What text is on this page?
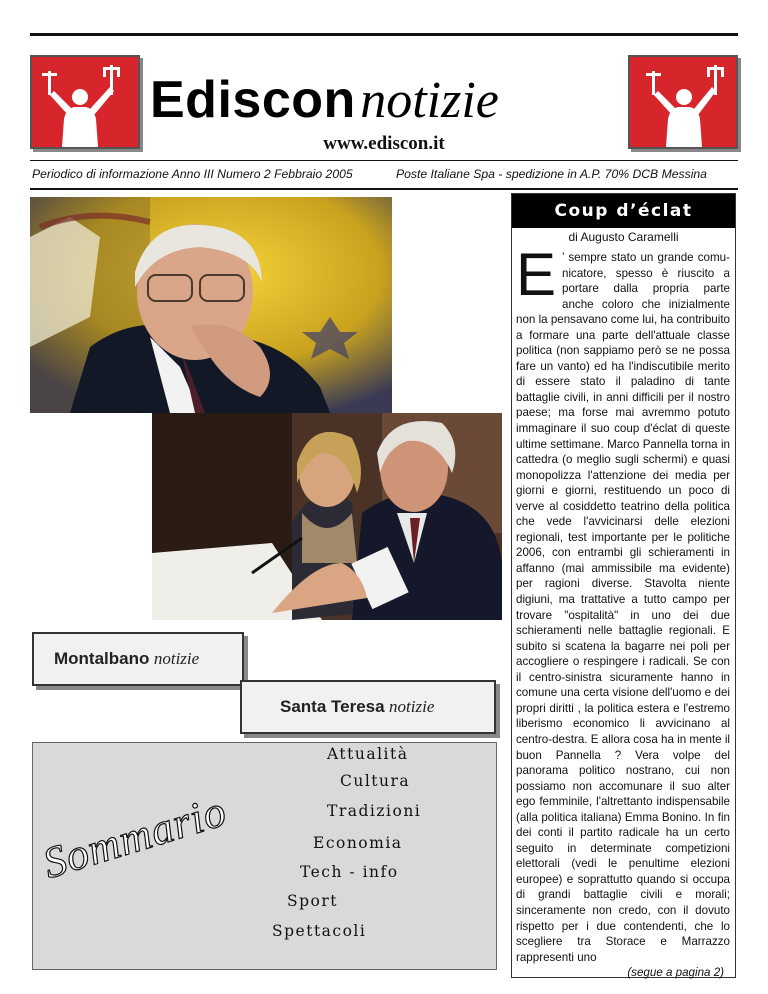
Ediscon notizie
www.ediscon.it
Periodico di informazione Anno III Numero 2 Febbraio 2005	Poste Italiane Spa - spedizione in A.P. 70% DCB Messina
Montalbano notizie
Santa Teresa notizie
Attualità
Cultura
Tradizioni
Economia
Tech - info
Sport
Spettacoli
Sommario
Coup d’éclat
di Augusto Caramelli
E ’ sempre stato un grande comunicatore, spesso è riuscito a portare dalla propria parte anche coloro che inizialmente non la pensavano come lui, ha contribuito a formare una parte dell'attuale classe politica (non sappiamo però se ne possa fare un vanto) ed ha l'indiscutibile merito di essere stato il paladino di tante battaglie civili, in anni difficili per il nostro paese; ma forse mai avremmo potuto immaginare il suo coup d'éclat di queste ultime settimane. Marco Pannella torna in cattedra (o meglio sugli schermi) e quasi monopolizza l'attenzione dei media per giorni e giorni, restituendo un poco di verve al cosiddetto teatrino della politica che vede l'avvicinarsi delle elezioni regionali, test importante per le politiche 2006, con entrambi gli schieramenti in affanno (mai ammissibile ma evidente) per ragioni diverse. Stavolta niente digiuni, ma trattative a tutto campo per trovare "ospitalità" in uno dei due schieramenti nelle battaglie regionali. E subito si scatena la bagarre nei poli per accogliere o respingere i radicali. Se con il centro-sinistra sicuramente hanno in comune una certa visione dell'uomo e dei propri diritti , la politica estera e l'estremo liberismo economico li avvicinano al centro-destra. E allora cosa ha in mente il buon Pannella ? Vera volpe del panorama politico nostrano, cui non possiamo non accomunare il suo alter ego femminile, l'altrettanto indispensabile (alla politica italiana) Emma Bonino. In fin dei conti il partito radicale ha un certo seguito in determinate competizioni elettorali (vedi le penultime elezioni europee) e soprattutto quando si occupa di grandi battaglie civili e morali; sinceramente non credo, con il dovuto rispetto per i due contendenti, che lo scegliere tra Storace e Marrazzo rappresenti uno
(segue a pagina 2)
